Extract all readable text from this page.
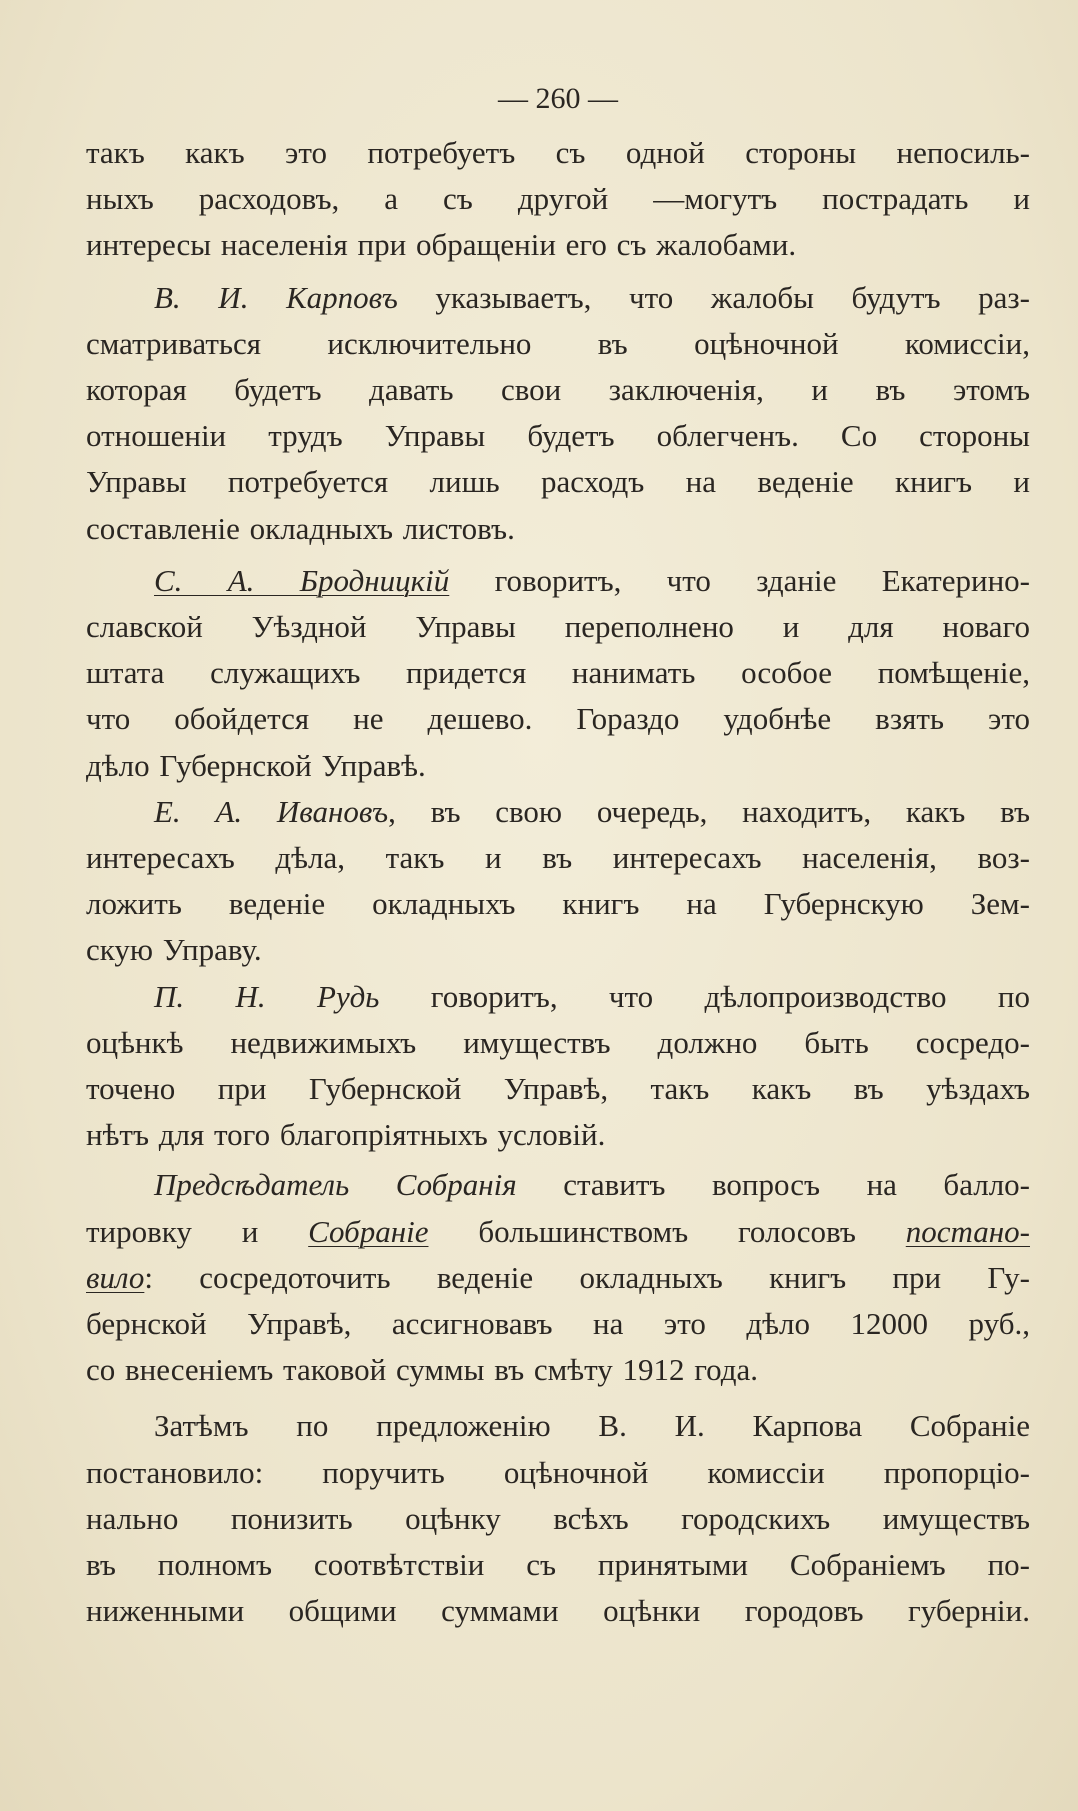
— 260 —
такъ какъ это потребуетъ съ одной стороны непосиль-
ныхъ расходовъ, а съ другой —могутъ пострадать и
интересы населенія при обращеніи его съ жалобами.
В. И. Карповъ указываетъ, что жалобы будутъ раз-
сматриваться исключительно въ оцѣночной комиссіи,
которая будетъ давать свои заключенія, и въ этомъ
отношеніи трудъ Управы будетъ облегченъ. Со стороны
Управы потребуется лишь расходъ на веденіе книгъ и
составленіе окладныхъ листовъ.
С. А. Бродницкій говоритъ, что зданіе Екатерино-
славской Уѣздной Управы переполнено и для новаго
штата служащихъ придется нанимать особое помѣщеніе,
что обойдется не дешево. Гораздо удобнѣе взять это
дѣло Губернской Управѣ.
Е. А. Ивановъ, въ свою очередь, находитъ, какъ въ
интересахъ дѣла, такъ и въ интересахъ населенія, воз-
ложить веденіе окладныхъ книгъ на Губернскую Зем-
скую Управу.
П. Н. Рудь говоритъ, что дѣлопроизводство по
оцѣнкѣ недвижимыхъ имуществъ должно быть сосредо-
точено при Губернской Управѣ, такъ какъ въ уѣздахъ
нѣтъ для того благопріятныхъ условій.
Предсѣдатель Собранія ставитъ вопросъ на балло-
тировку и Собраніе большинствомъ голосовъ постано-
вило: сосредоточить веденіе окладныхъ книгъ при Гу-
бернской Управѣ, ассигновавъ на это дѣло 12000 руб.,
со внесеніемъ таковой суммы въ смѣту 1912 года.
Затѣмъ по предложенію В. И. Карпова Собраніе
постановило: поручить оцѣночной комиссіи пропорціо-
нально понизить оцѣнку всѣхъ городскихъ имуществъ
въ полномъ соотвѣтствіи съ принятыми Собраніемъ по-
ниженными общими суммами оцѣнки городовъ губерніи.
